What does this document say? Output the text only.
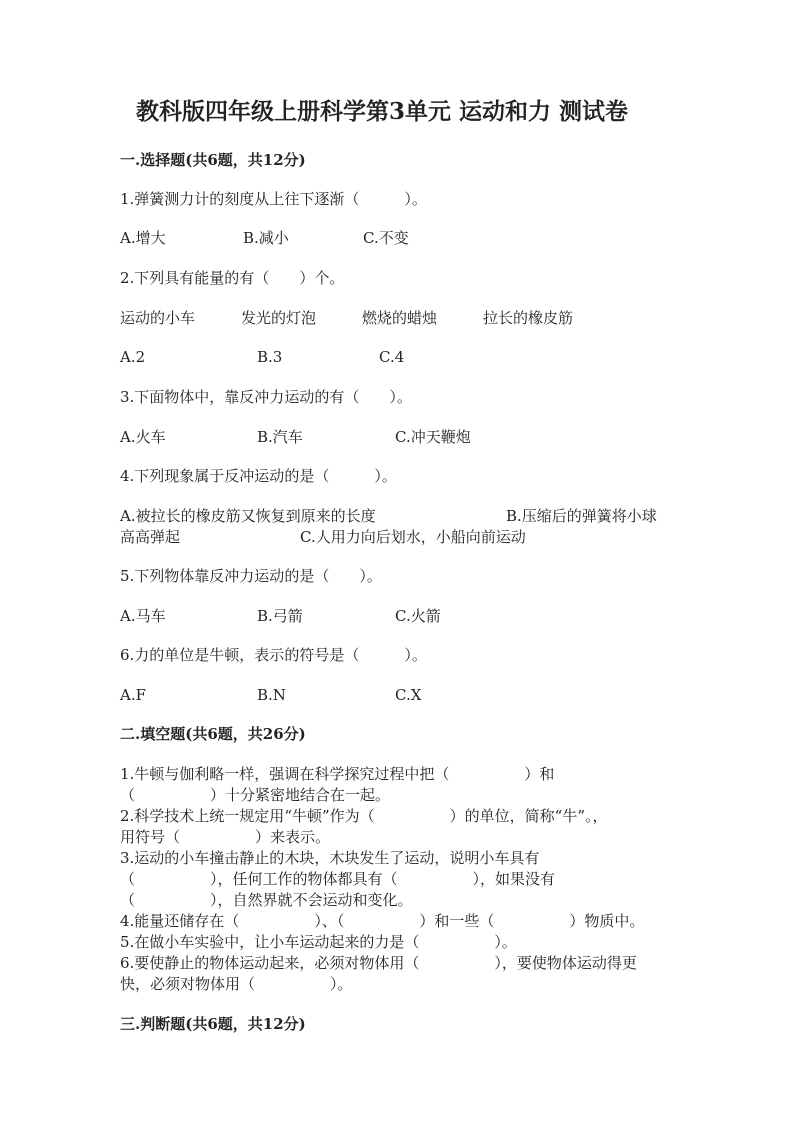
教科版四年级上册科学第3单元 运动和力 测试卷
一.选择题(共6题，共12分)
1.弹簧测力计的刻度从上往下逐渐（　　　）。
A.增大	B.减小	C.不变
2.下列具有能量的有（　　）个。
运动的小车	发光的灯泡	燃烧的蜡烛	拉长的橡皮筋
A.2	B.3	C.4
3.下面物体中，靠反冲力运动的有（　　）。
A.火车	B.汽车	C.冲天鞭炮
4.下列现象属于反冲运动的是（　　　）。
A.被拉长的橡皮筋又恢复到原来的长度	B.压缩后的弹簧将小球
高高弹起	C.人用力向后划水，小船向前运动
5.下列物体靠反冲力运动的是（　　）。
A.马车	B.弓箭	C.火箭
6.力的单位是牛顿，表示的符号是（　　　）。
A.F	B.N	C.X
二.填空题(共6题，共26分)
1.牛顿与伽利略一样，强调在科学探究过程中把（　　　　　）和
（　　　　　）十分紧密地结合在一起。
2.科学技术上统一规定用“牛顿”作为（　　　　　）的单位，简称“牛”。，
用符号（　　　　　）来表示。
3.运动的小车撞击静止的木块，木块发生了运动，说明小车具有
（　　　　　），任何工作的物体都具有（　　　　　），如果没有
（　　　　　），自然界就不会运动和变化。
4.能量还储存在（　　　　　）、（　　　　　）和一些（　　　　　）物质中。
5.在做小车实验中，让小车运动起来的力是（　　　　　）。
6.要使静止的物体运动起来，必须对物体用（　　　　　），要使物体运动得更
快，必须对物体用（　　　　　）。
三.判断题(共6题，共12分)
